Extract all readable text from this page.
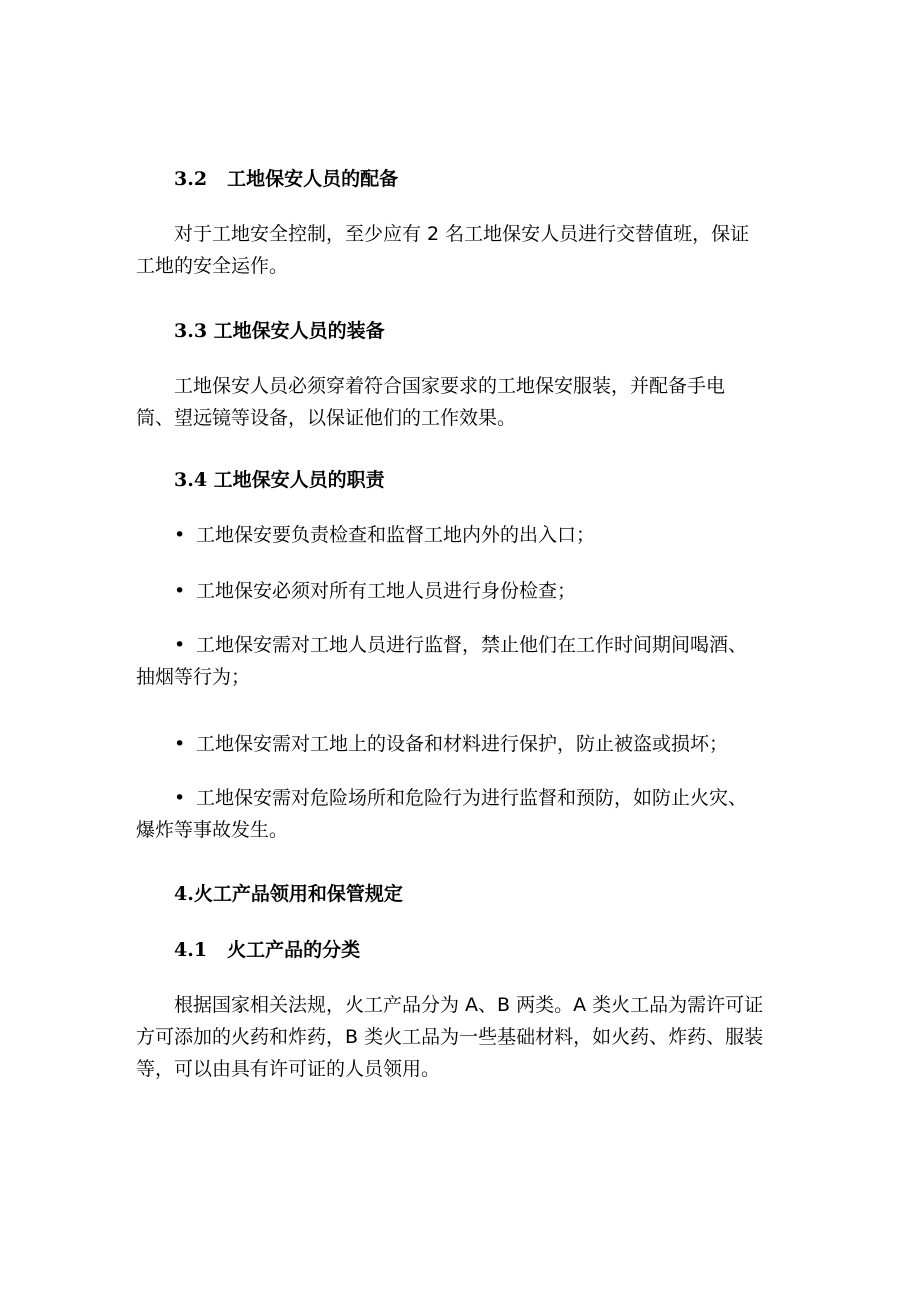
3.2 工地保安人员的配备
对于工地安全控制，至少应有 2 名工地保安人员进行交替值班，保证
工地的安全运作。
3.3 工地保安人员的装备
工地保安人员必须穿着符合国家要求的工地保安服装，并配备手电
筒、望远镜等设备，以保证他们的工作效果。
3.4 工地保安人员的职责
• 工地保安要负责检查和监督工地内外的出入口；
• 工地保安必须对所有工地人员进行身份检查；
• 工地保安需对工地人员进行监督，禁止他们在工作时间期间喝酒、
抽烟等行为；
• 工地保安需对工地上的设备和材料进行保护，防止被盗或损坏；
• 工地保安需对危险场所和危险行为进行监督和预防，如防止火灾、
爆炸等事故发生。
4.火工产品领用和保管规定
4.1 火工产品的分类
根据国家相关法规，火工产品分为 A、B 两类。A 类火工品为需许可证
方可添加的火药和炸药，B 类火工品为一些基础材料，如火药、炸药、服装
等，可以由具有许可证的人员领用。
